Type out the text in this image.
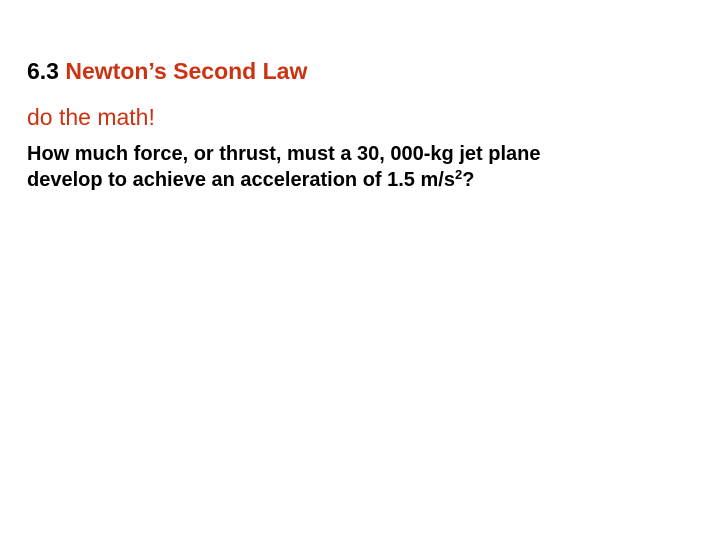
6.3 Newton’s Second Law
do the math!
How much force, or thrust, must a 30, 000-kg jet plane
develop to achieve an acceleration of 1.5 $m/s^2$?
